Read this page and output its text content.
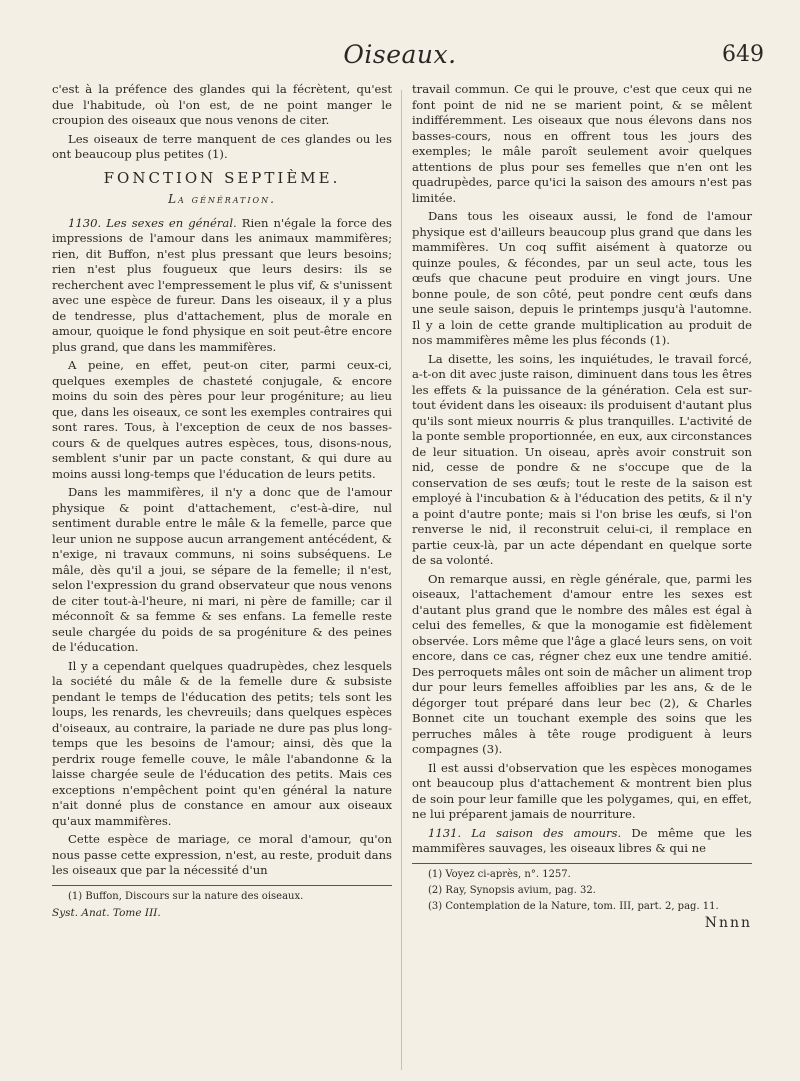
Oiseaux.	649

c'est à la préfence des glandes qui la fécrètent, qu'est due l'habitude, où l'on est, de ne point manger le croupion des oiseaux que nous venons de citer.

Les oiseaux de terre manquent de ces glandes ou les ont beaucoup plus petites (1).

FONCTION SEPTIÈME.
La génération.

1130. Les sexes en général. Rien n'égale la force des impressions de l'amour dans les animaux mammifères; rien, dit Buffon, n'est plus pressant que leurs besoins; rien n'est plus fougueux que leurs desirs: ils se recherchent avec l'empressement le plus vif, & s'unissent avec une espèce de fureur. Dans les oiseaux, il y a plus de tendresse, plus d'attachement, plus de morale en amour, quoique le fond physique en soit peut-être encore plus grand, que dans les mammifères.

A peine, en effet, peut-on citer, parmi ceux-ci, quelques exemples de chasteté conjugale, & encore moins du soin des pères pour leur progéniture; au lieu que, dans les oiseaux, ce sont les exemples contraires qui sont rares. Tous, à l'exception de ceux de nos basses-cours & de quelques autres espèces, tous, disons-nous, semblent s'unir par un pacte constant, & qui dure au moins aussi long-temps que l'éducation de leurs petits.

Dans les mammifères, il n'y a donc que de l'amour physique & point d'attachement, c'est-à-dire, nul sentiment durable entre le mâle & la femelle, parce que leur union ne suppose aucun arrangement antécédent, & n'exige, ni travaux communs, ni soins subséquens. Le mâle, dès qu'il a joui, se sépare de la femelle; il n'est, selon l'expression du grand observateur que nous venons de citer tout-à-l'heure, ni mari, ni père de famille; car il méconnoît & sa femme & ses enfans. La femelle reste seule chargée du poids de sa progéniture & des peines de l'éducation.

Il y a cependant quelques quadrupèdes, chez lesquels la société du mâle & de la femelle dure & subsiste pendant le temps de l'éducation des petits; tels sont les loups, les renards, les chevreuils; dans quelques espèces d'oiseaux, au contraire, la pariade ne dure pas plus long-temps que les besoins de l'amour; ainsi, dès que la perdrix rouge femelle couve, le mâle l'abandonne & la laisse chargée seule de l'éducation des petits. Mais ces exceptions n'empêchent point qu'en général la nature n'ait donné plus de constance en amour aux oiseaux qu'aux mammifères.

Cette espèce de mariage, ce moral d'amour, qu'on nous passe cette expression, n'est, au reste, produit dans les oiseaux que par la nécessité d'un

(1) Buffon, Discours sur la nature des oiseaux.

Syst. Anat. Tome III.

travail commun. Ce qui le prouve, c'est que ceux qui ne font point de nid ne se marient point, & se mêlent indifféremment. Les oiseaux que nous élevons dans nos basses-cours, nous en offrent tous les jours des exemples; le mâle paroît seulement avoir quelques attentions de plus pour ses femelles que n'en ont les quadrupèdes, parce qu'ici la saison des amours n'est pas limitée.

Dans tous les oiseaux aussi, le fond de l'amour physique est d'ailleurs beaucoup plus grand que dans les mammifères. Un coq suffit aisément à quatorze ou quinze poules, & fécondes, par un seul acte, tous les œufs que chacune peut produire en vingt jours. Une bonne poule, de son côté, peut pondre cent œufs dans une seule saison, depuis le printemps jusqu'à l'automne. Il y a loin de cette grande multiplication au produit de nos mammifères même les plus féconds (1).

La disette, les soins, les inquiétudes, le travail forcé, a-t-on dit avec juste raison, diminuent dans tous les êtres les effets & la puissance de la génération. Cela est sur-tout évident dans les oiseaux: ils produisent d'autant plus qu'ils sont mieux nourris & plus tranquilles. L'activité de la ponte semble proportionnée, en eux, aux circonstances de leur situation. Un oiseau, après avoir construit son nid, cesse de pondre & ne s'occupe que de la conservation de ses œufs; tout le reste de la saison est employé à l'incubation & à l'éducation des petits, & il n'y a point d'autre ponte; mais si l'on brise les œufs, si l'on renverse le nid, il reconstruit celui-ci, il remplace en partie ceux-là, par un acte dépendant en quelque sorte de sa volonté.

On remarque aussi, en règle générale, que, parmi les oiseaux, l'attachement d'amour entre les sexes est d'autant plus grand que le nombre des mâles est égal à celui des femelles, & que la monogamie est fidèlement observée. Lors même que l'âge a glacé leurs sens, on voit encore, dans ce cas, régner chez eux une tendre amitié. Des perroquets mâles ont soin de mâcher un aliment trop dur pour leurs femelles affoiblies par les ans, & de le dégorger tout préparé dans leur bec (2), & Charles Bonnet cite un touchant exemple des soins que les perruches mâles à tête rouge prodiguent à leurs compagnes (3).

Il est aussi d'observation que les espèces monogames ont beaucoup plus d'attachement & montrent bien plus de soin pour leur famille que les polygames, qui, en effet, ne lui préparent jamais de nourriture.

1131. La saison des amours. De même que les mammifères sauvages, les oiseaux libres & qui ne

(1) Voyez ci-après, n°. 1257.

(2) Ray, Synopsis avium, pag. 32.

(3) Contemplation de la Nature, tom. III, part. 2, pag. 11.

Nnnn
